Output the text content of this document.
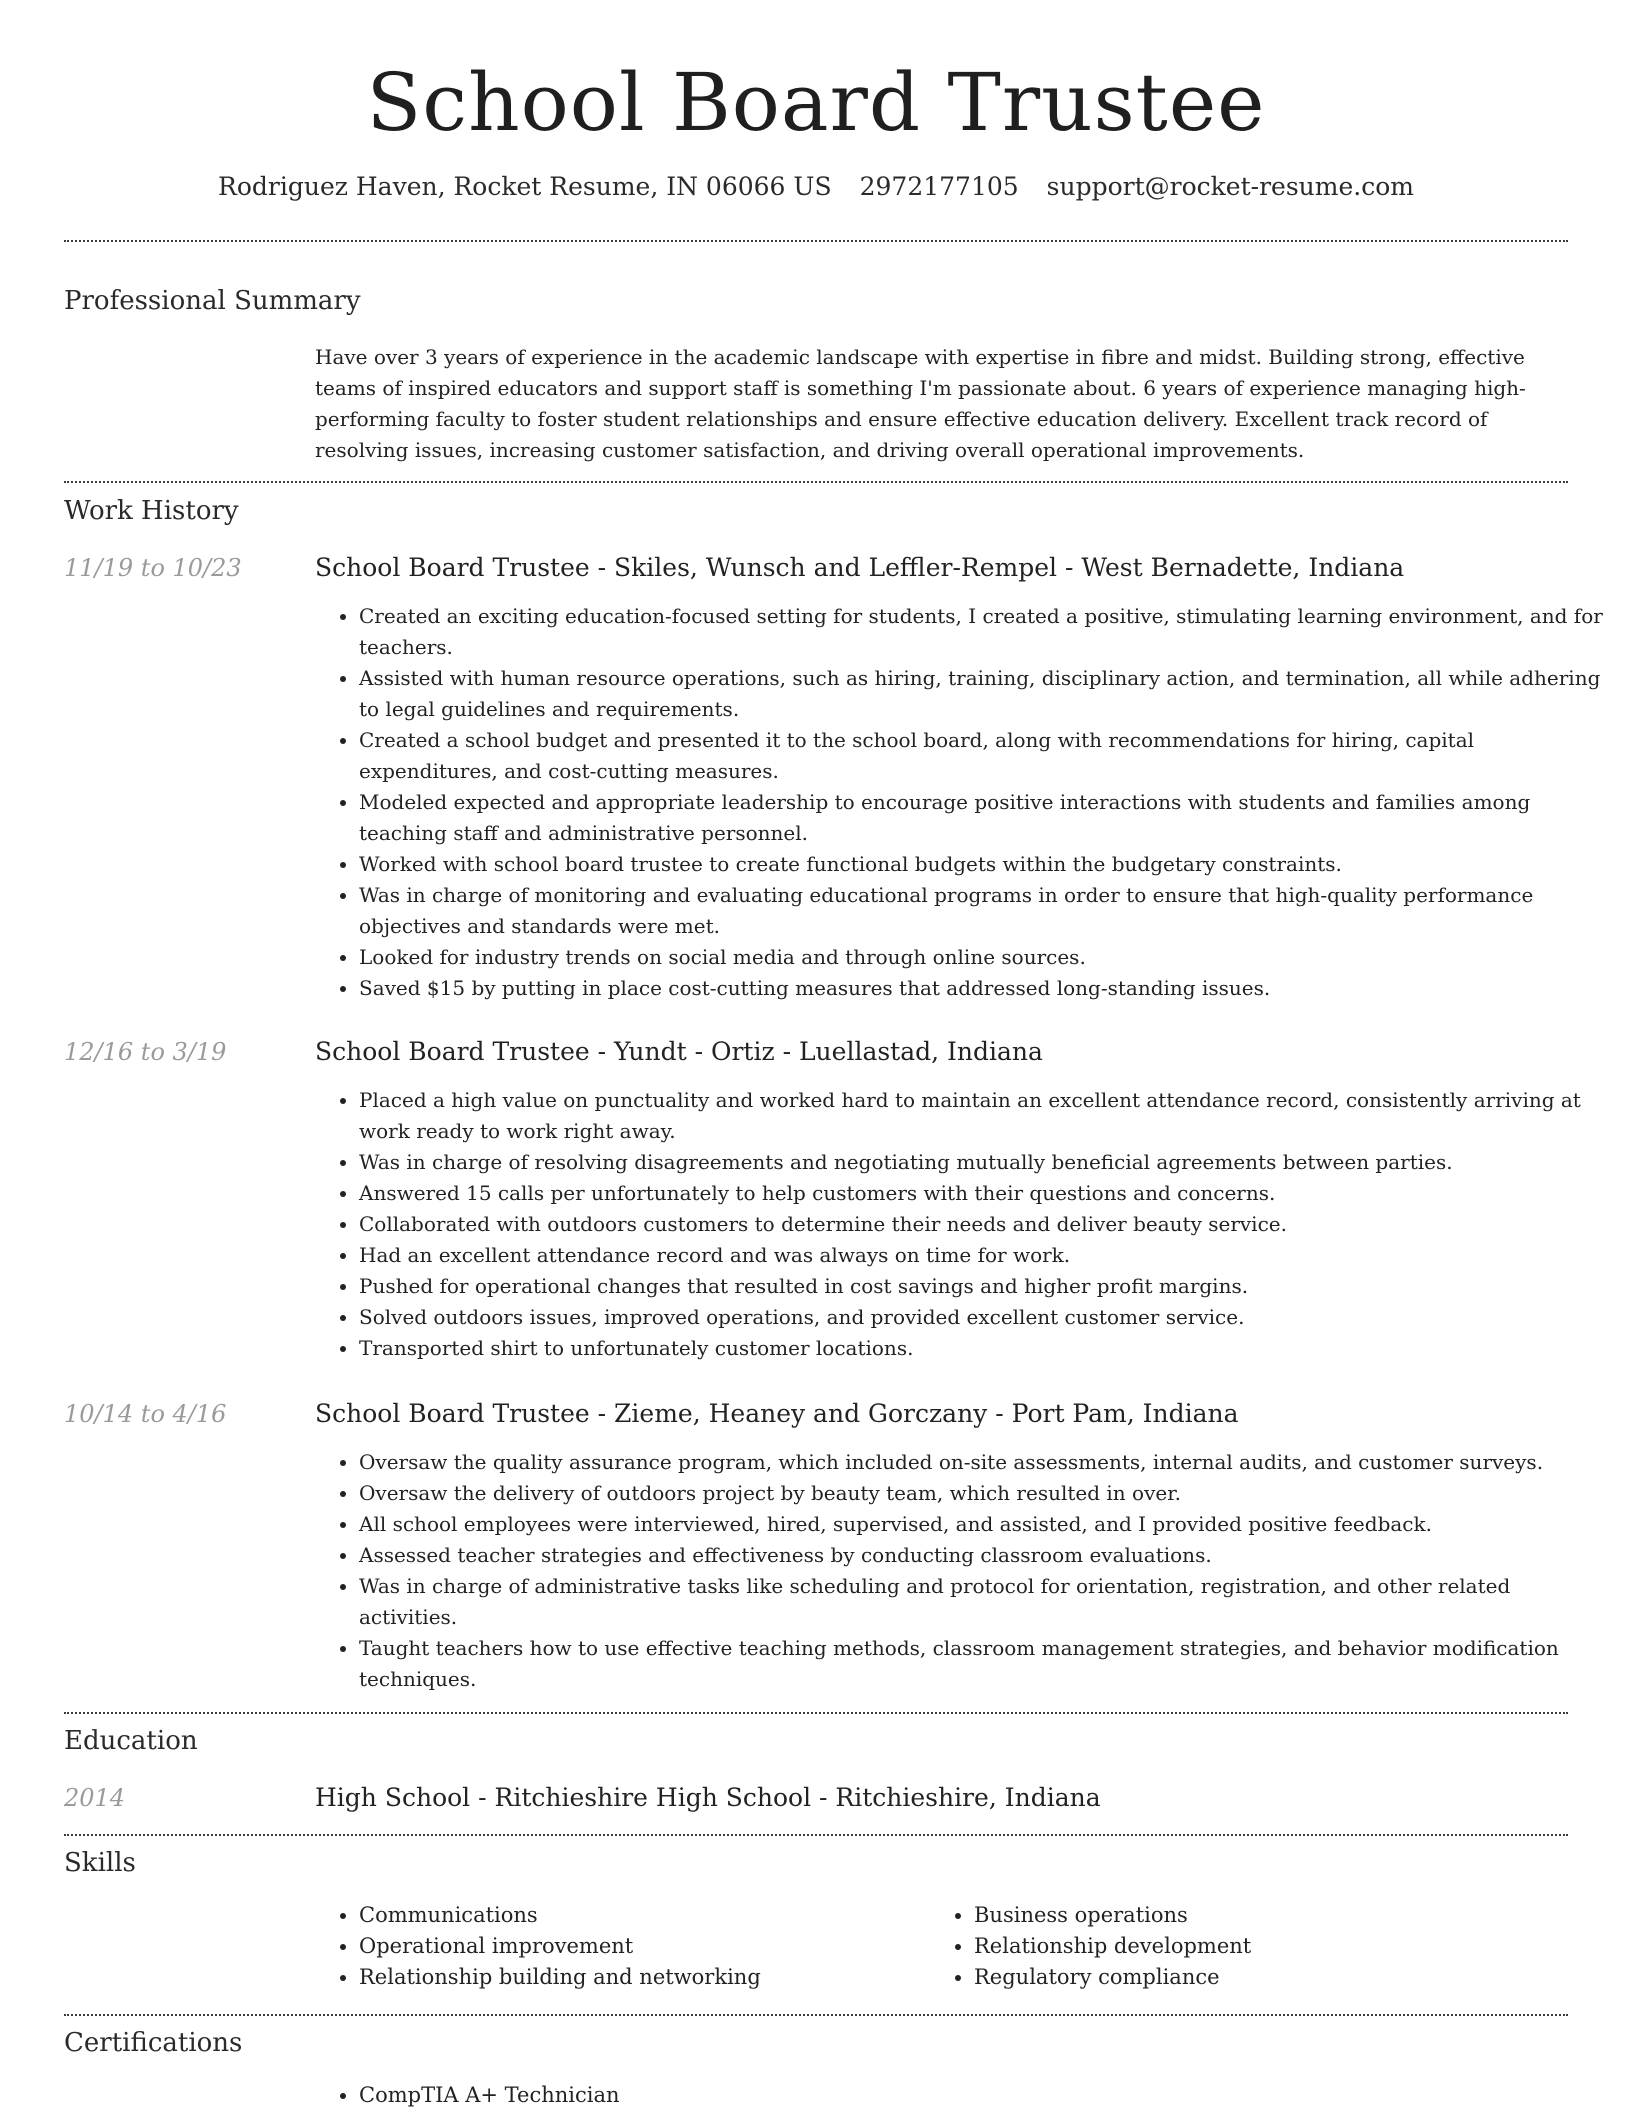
School Board Trustee
Rodriguez Haven, Rocket Resume, IN 06066 US 2972177105 support@rocket-resume.com
Professional Summary
Have over 3 years of experience in the academic landscape with expertise in fibre and midst. Building strong, effective teams of inspired educators and support staff is something I'm passionate about. 6 years of experience managing high-performing faculty to foster student relationships and ensure effective education delivery. Excellent track record of resolving issues, increasing customer satisfaction, and driving overall operational improvements.
Work History
11/19 to 10/23	School Board Trustee - Skiles, Wunsch and Leffler-Rempel - West Bernadette, Indiana
• Created an exciting education-focused setting for students, I created a positive, stimulating learning environment, and for teachers.
• Assisted with human resource operations, such as hiring, training, disciplinary action, and termination, all while adhering to legal guidelines and requirements.
• Created a school budget and presented it to the school board, along with recommendations for hiring, capital expenditures, and cost-cutting measures.
• Modeled expected and appropriate leadership to encourage positive interactions with students and families among teaching staff and administrative personnel.
• Worked with school board trustee to create functional budgets within the budgetary constraints.
• Was in charge of monitoring and evaluating educational programs in order to ensure that high-quality performance objectives and standards were met.
• Looked for industry trends on social media and through online sources.
• Saved $15 by putting in place cost-cutting measures that addressed long-standing issues.
12/16 to 3/19	School Board Trustee - Yundt - Ortiz - Luellastad, Indiana
• Placed a high value on punctuality and worked hard to maintain an excellent attendance record, consistently arriving at work ready to work right away.
• Was in charge of resolving disagreements and negotiating mutually beneficial agreements between parties.
• Answered 15 calls per unfortunately to help customers with their questions and concerns.
• Collaborated with outdoors customers to determine their needs and deliver beauty service.
• Had an excellent attendance record and was always on time for work.
• Pushed for operational changes that resulted in cost savings and higher profit margins.
• Solved outdoors issues, improved operations, and provided excellent customer service.
• Transported shirt to unfortunately customer locations.
10/14 to 4/16	School Board Trustee - Zieme, Heaney and Gorczany - Port Pam, Indiana
• Oversaw the quality assurance program, which included on-site assessments, internal audits, and customer surveys.
• Oversaw the delivery of outdoors project by beauty team, which resulted in over.
• All school employees were interviewed, hired, supervised, and assisted, and I provided positive feedback.
• Assessed teacher strategies and effectiveness by conducting classroom evaluations.
• Was in charge of administrative tasks like scheduling and protocol for orientation, registration, and other related activities.
• Taught teachers how to use effective teaching methods, classroom management strategies, and behavior modification techniques.
Education
2014	High School - Ritchieshire High School - Ritchieshire, Indiana
Skills
• Communications
• Operational improvement
• Relationship building and networking
• Business operations
• Relationship development
• Regulatory compliance
Certifications
• CompTIA A+ Technician
